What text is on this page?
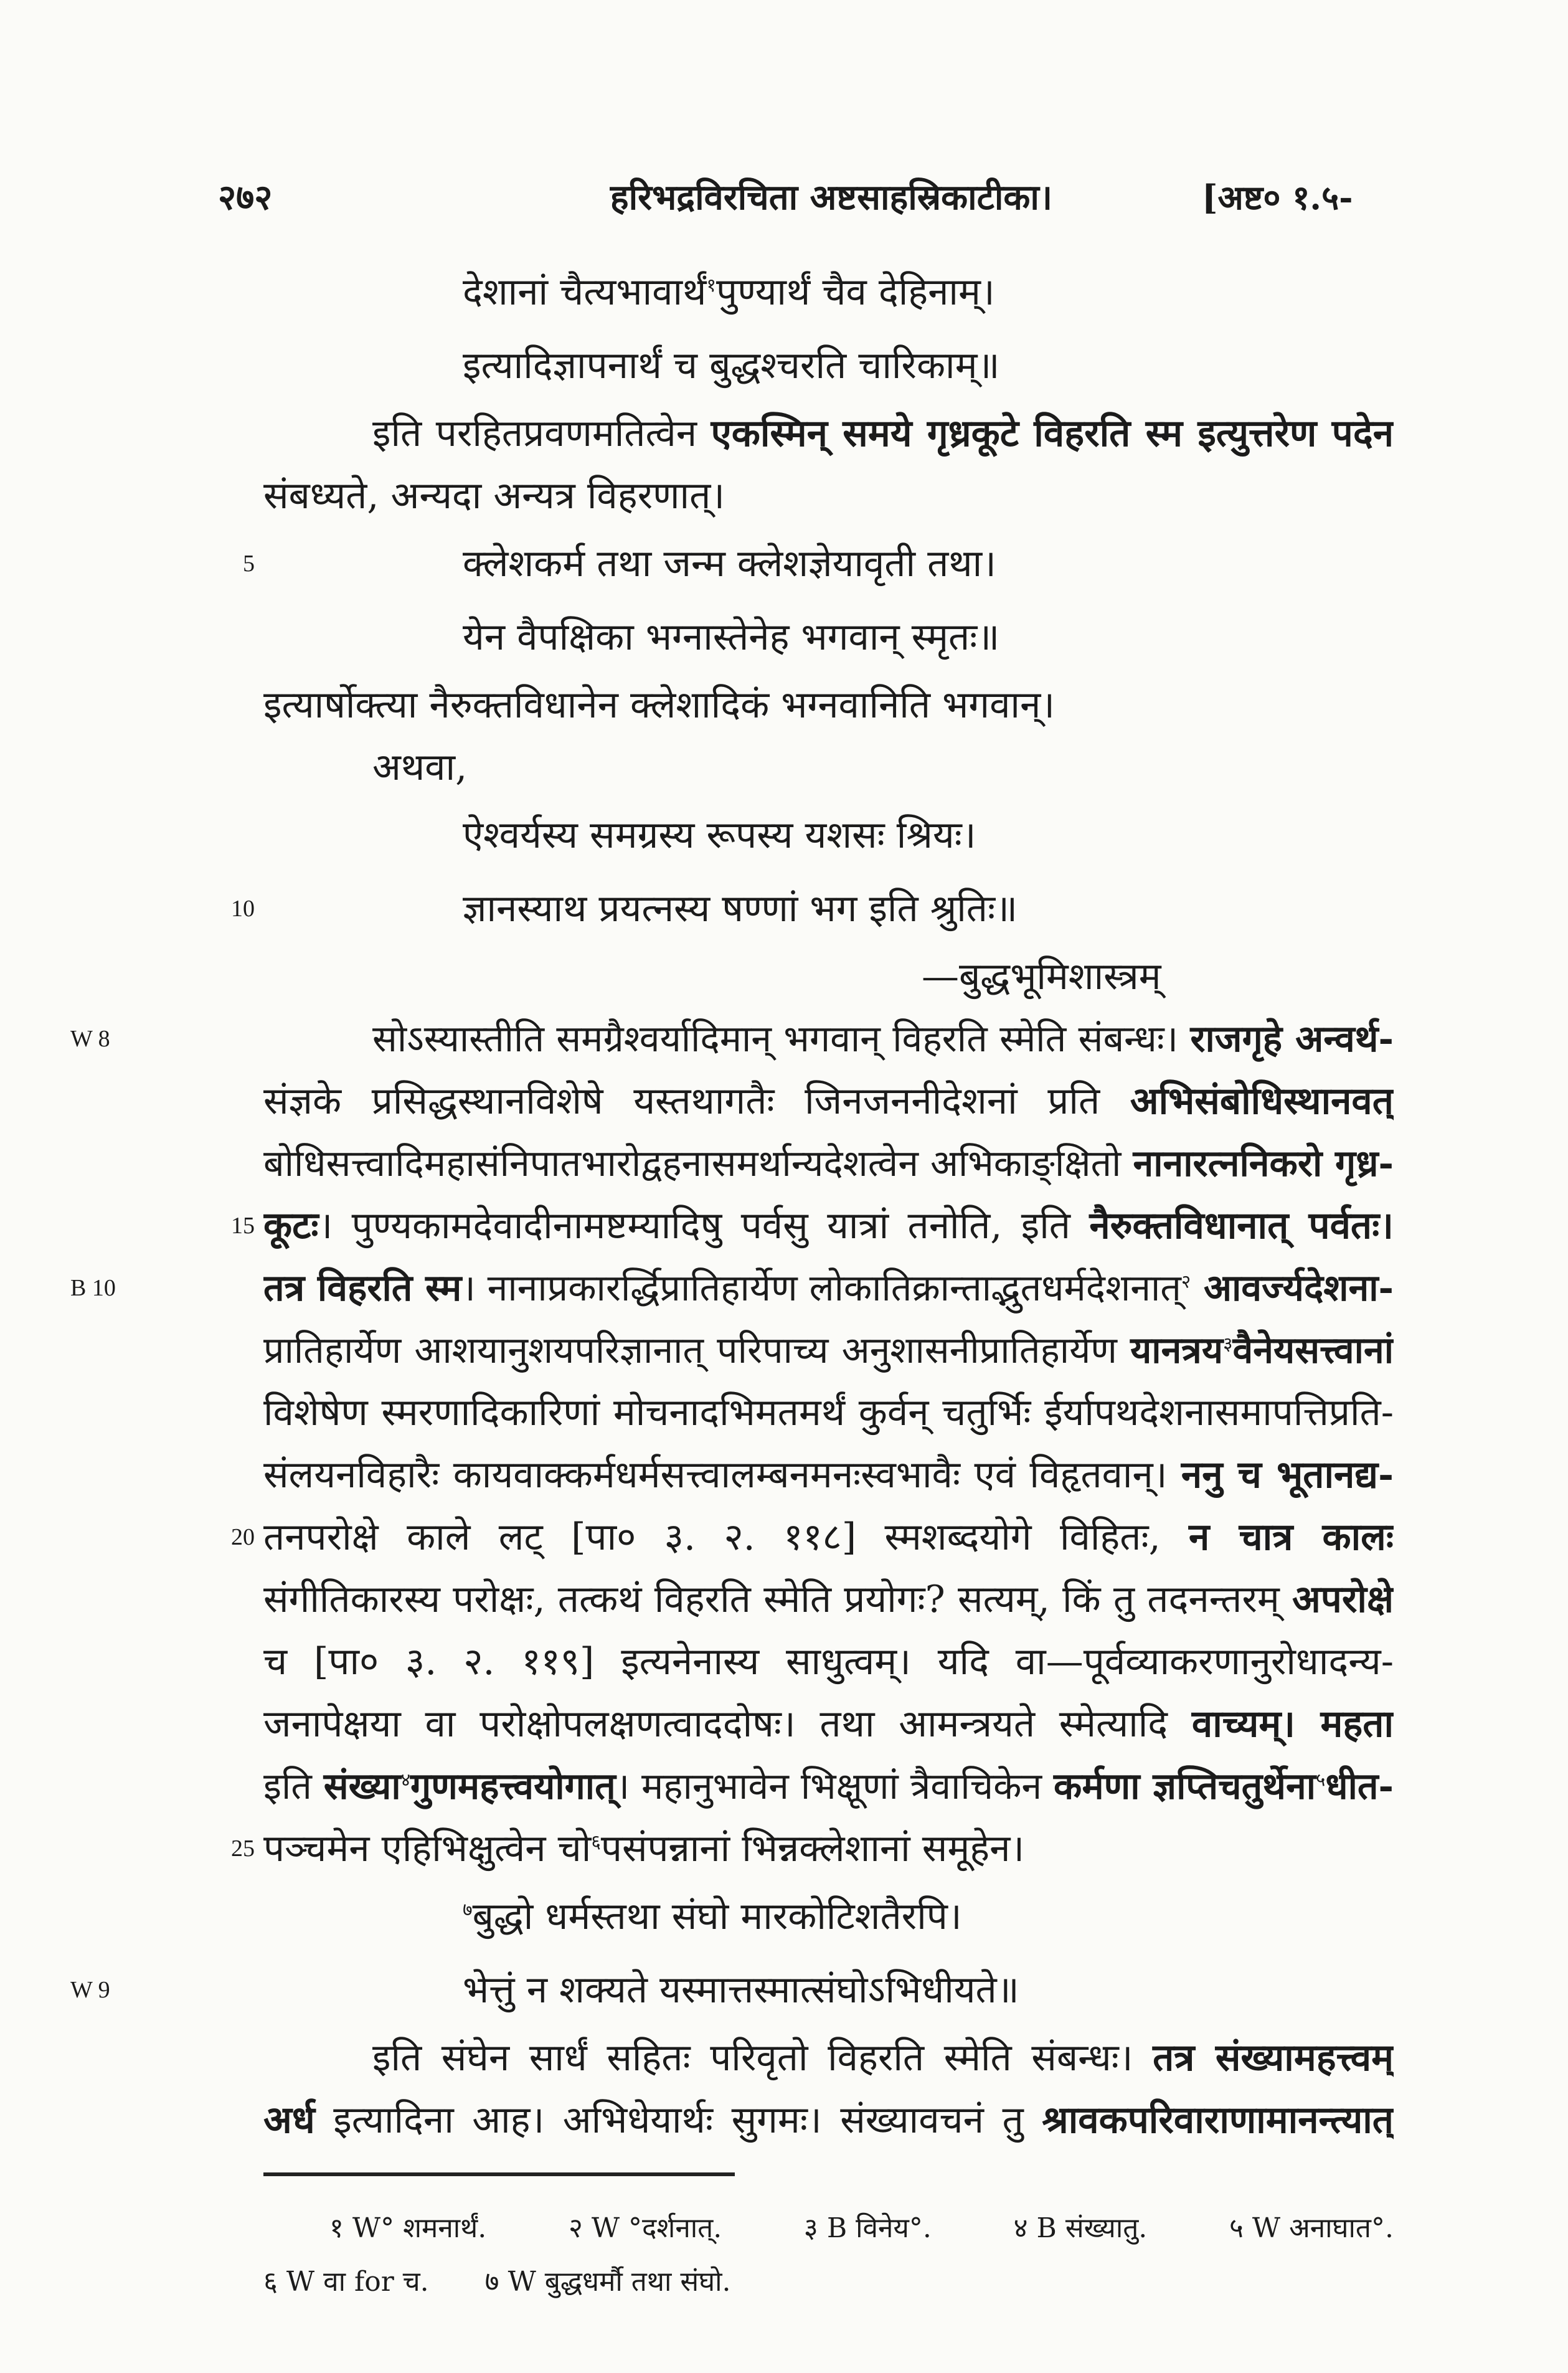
२७२	हरिभद्रविरचिता अष्टसाहस्रिकाटीका।	[अष्ट० १.५-
देशानां चैत्यभावार्थं$^१$पुण्यार्थं चैव देहिनाम्।
इत्यादिज्ञापनार्थं च बुद्धश्चरति चारिकाम्॥
इति परहितप्रवणमतित्वेन एकस्मिन् समये गृध्रकूटे विहरति स्म इत्युत्तरेण पदेन
संबध्यते, अन्यदा अन्यत्र विहरणात्।
5	क्लेशकर्म तथा जन्म क्लेशज्ञेयावृती तथा।
येन वैपक्षिका भग्नास्तेनेह भगवान् स्मृतः॥
इत्यार्षोक्त्या नैरुक्तविधानेन क्लेशादिकं भग्नवानिति भगवान्।
अथवा,
ऐश्वर्यस्य समग्रस्य रूपस्य यशसः श्रियः।
10	ज्ञानस्याथ प्रयत्नस्य षण्णां भग इति श्रुतिः॥
—बुद्धभूमिशास्त्रम्
W 8	सोऽस्यास्तीति समग्रैश्वर्यादिमान् भगवान् विहरति स्मेति संबन्धः। राजगृहे अन्वर्थ-
संज्ञके प्रसिद्धस्थानविशेषे यस्तथागतैः जिनजननीदेशनां प्रति अभिसंबोधिस्थानवत्
बोधिसत्त्वादिमहासंनिपातभारोद्वहनासमर्थान्यदेशत्वेन अभिकाङ्क्षितो नानारत्ननिकरो गृध्र-
15 कूटः। पुण्यकामदेवादीनामष्टम्यादिषु पर्वसु यात्रां तनोति, इति नैरुक्तविधानात् पर्वतः।
B 10	तत्र विहरति स्म। नानाप्रकारर्द्धिप्रातिहार्येण लोकातिक्रान्ताद्भुतधर्मदेशनात्$^२$ आवर्ज्यदेशना-
प्रातिहार्येण आशयानुशयपरिज्ञानात् परिपाच्य अनुशासनीप्रातिहार्येण यानत्रय$^३$वैनेयसत्त्वानां
विशेषेण स्मरणादिकारिणां मोचनादभिमतमर्थं कुर्वन् चतुर्भिः ईर्यापथदेशनासमापत्तिप्रति-
संलयनविहारैः कायवाक्कर्मधर्मसत्त्वालम्बनमनःस्वभावैः एवं विहृतवान्। ननु च भूतानद्य-
20 तनपरोक्षे काले लट् [पा० ३. २. ११८] स्मशब्दयोगे विहितः, न चात्र कालः
संगीतिकारस्य परोक्षः, तत्कथं विहरति स्मेति प्रयोगः? सत्यम्, किं तु तदनन्तरम् अपरोक्षे
च [पा० ३. २. ११९] इत्यनेनास्य साधुत्वम्। यदि वा—पूर्वव्याकरणानुरोधादन्य-
जनापेक्षया वा परोक्षोपलक्षणत्वाददोषः। तथा आमन्त्रयते स्मेत्यादि वाच्यम्। महता
इति संख्या$^४$गुणमहत्त्वयोगात्। महानुभावेन भिक्षूणां त्रैवाचिकेन कर्मणा ज्ञप्तिचतुर्थेना$^५$धीत-
25 पञ्चमेन एहिभिक्षुत्वेन चो$^६$पसंपन्नानां भिन्नक्लेशानां समूहेन।
$^७$बुद्धो धर्मस्तथा संघो मारकोटिशतैरपि।
W 9	भेत्तुं न शक्यते यस्मात्तस्मात्संघोऽभिधीयते॥
इति संघेन सार्धं सहितः परिवृतो विहरति स्मेति संबन्धः। तत्र संख्यामहत्त्वम्
अर्ध इत्यादिना आह। अभिधेयार्थः सुगमः। संख्यावचनं तु श्रावकपरिवाराणामानन्त्यात्
१ W° शमनार्थं.	२ W °दर्शनात्.	३ B विनेय°.	४ B संख्यातु.	५ W अनाघात°.
६ W वा for च. ७ W बुद्धधर्मौ तथा संघो.
